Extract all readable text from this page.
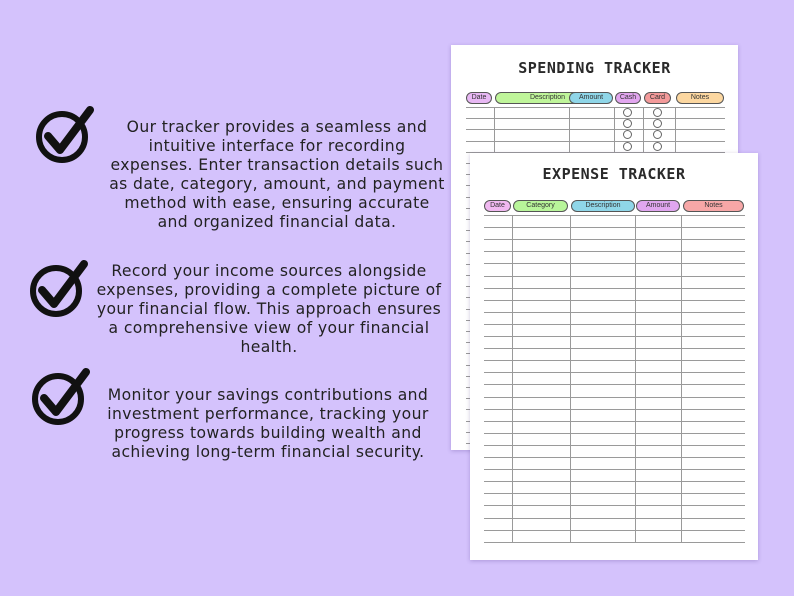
Our tracker provides a seamless and intuitive interface for recording expenses. Enter transaction details such as date, category, amount, and payment method with ease, ensuring accurate and organized financial data.
Record your income sources alongside expenses, providing a complete picture of your financial flow. This approach ensures a comprehensive view of your financial health.
Monitor your savings contributions and investment performance, tracking your progress towards building wealth and achieving long-term financial security.
SPENDING TRACKER
Date	Description	Amount	Cash	Card	Notes
EXPENSE TRACKER
Date	Category	Description	Amount	Notes
